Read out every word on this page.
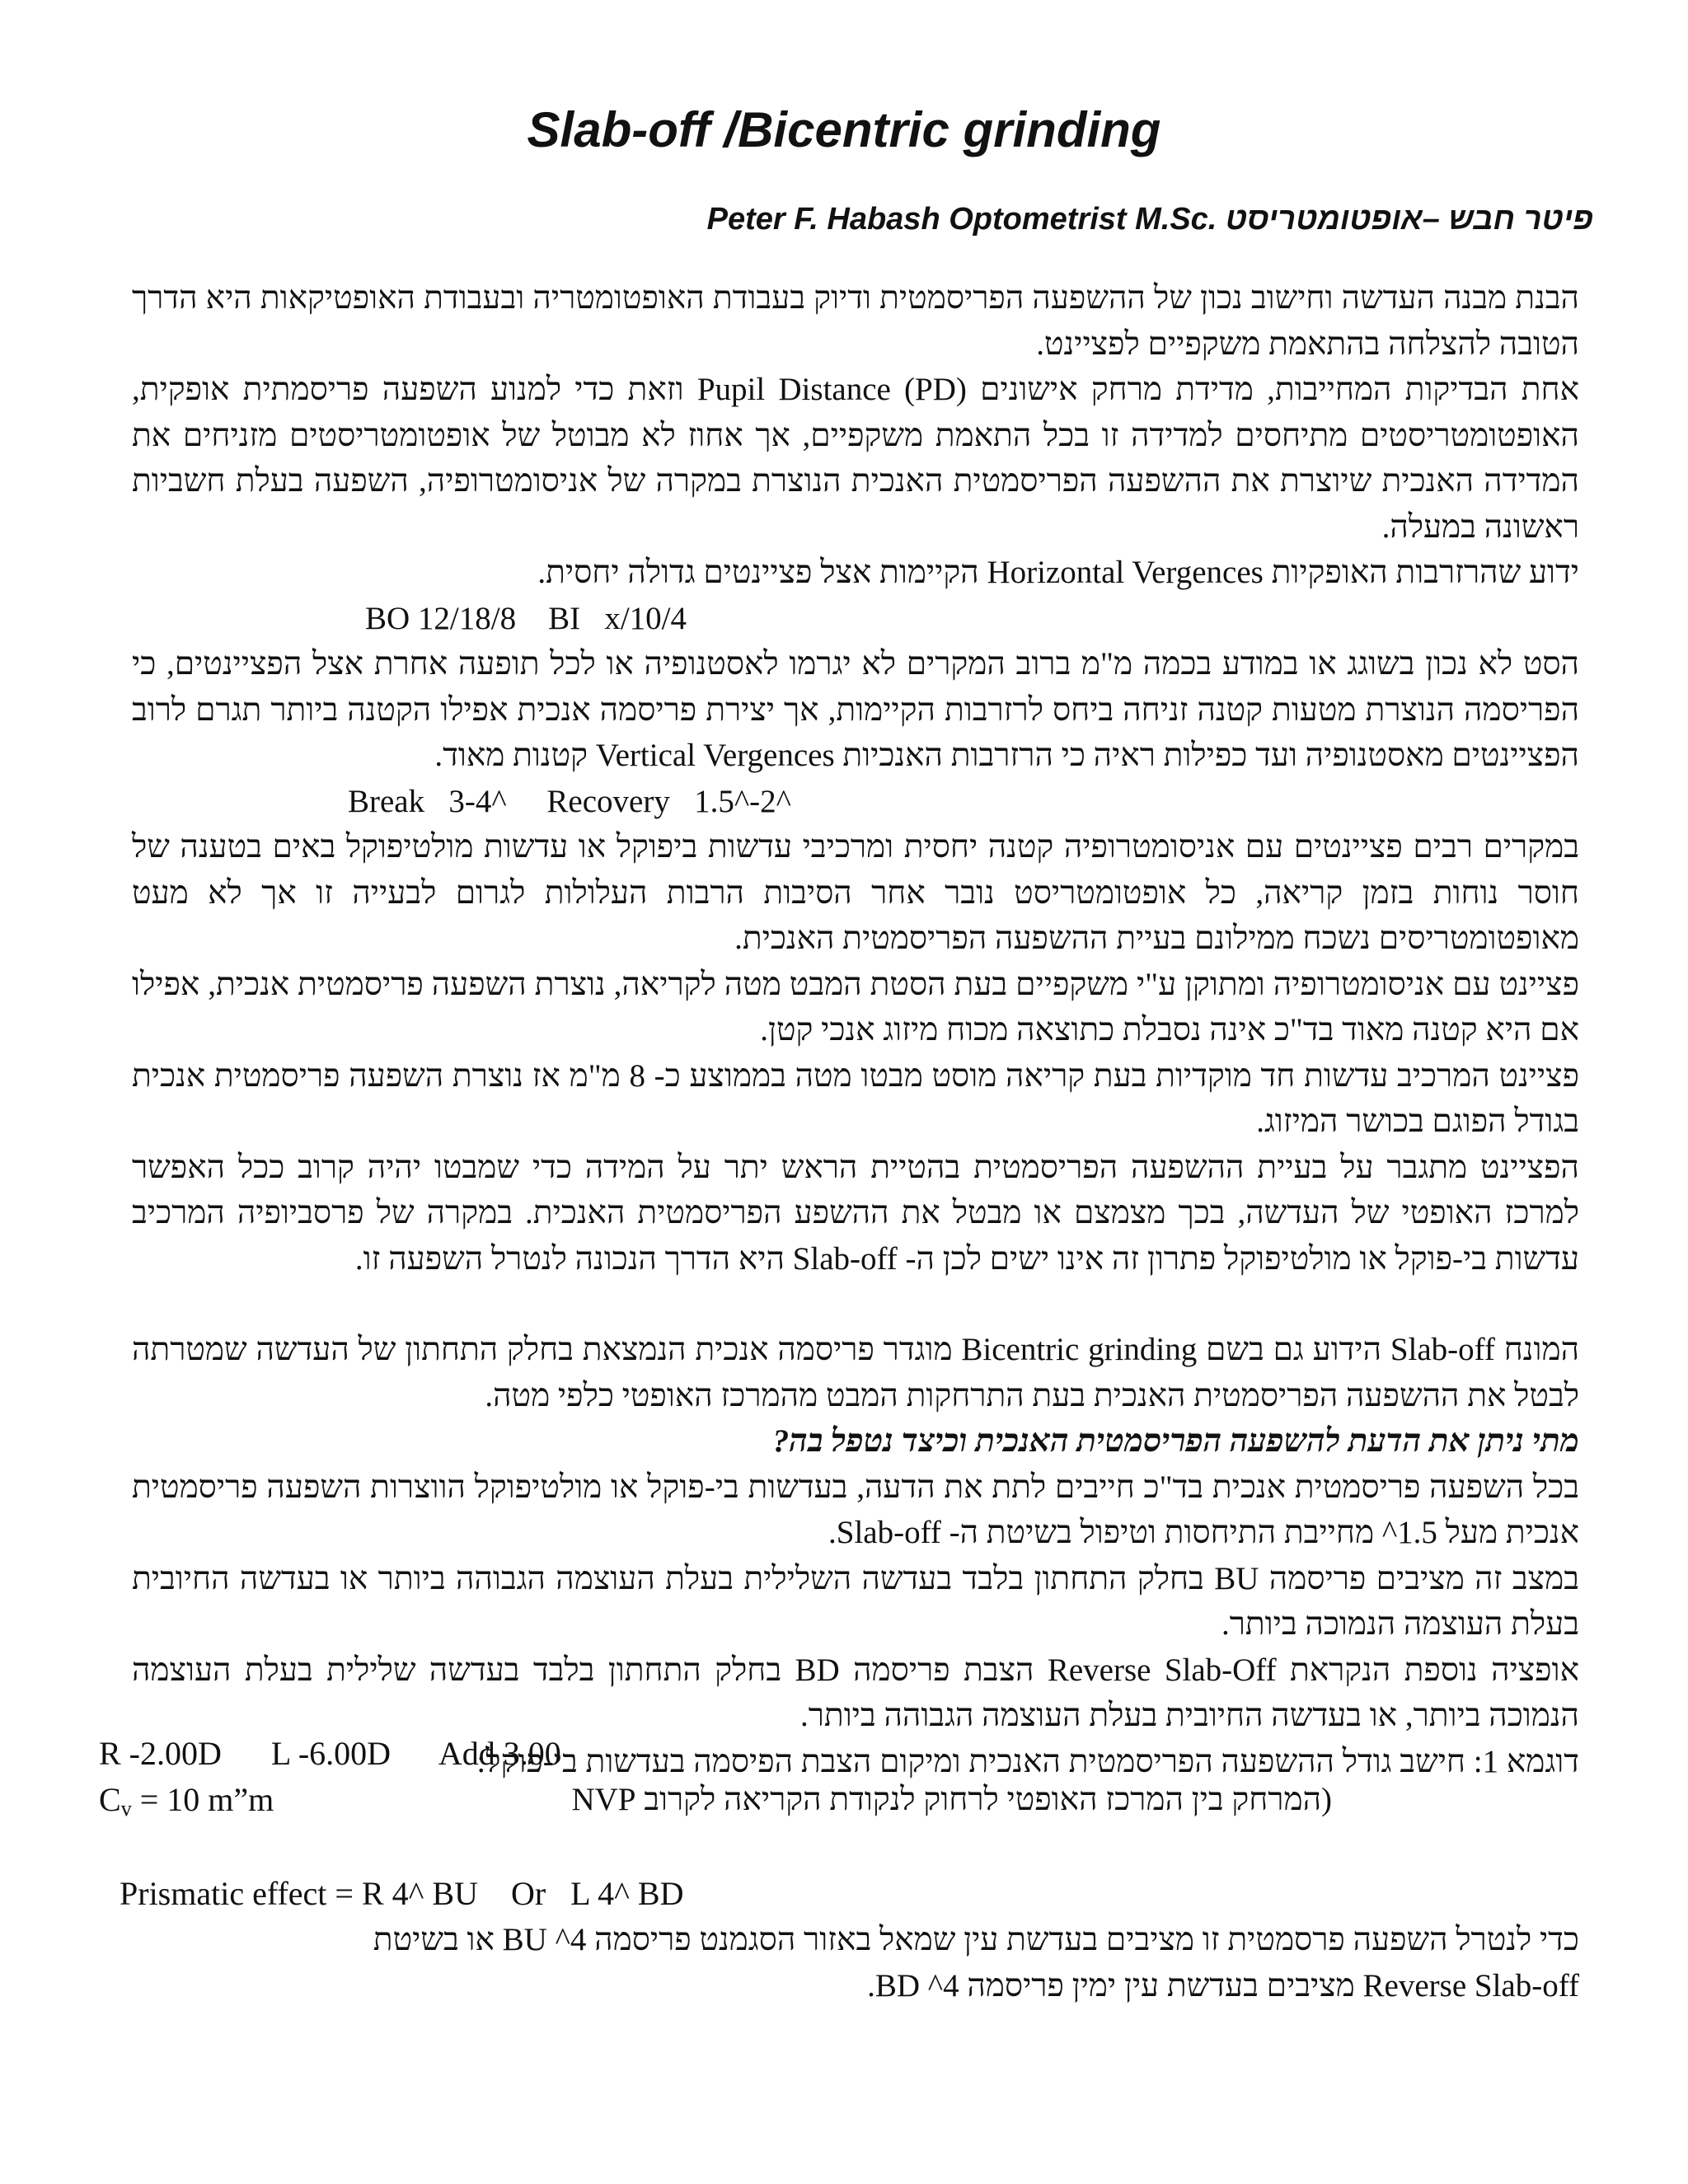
Slab-off /Bicentric grinding
Peter F. Habash Optometrist M.Sc. פיטר חבש –אופטומטריסט

הבנת מבנה העדשה וחישוב נכון של ההשפעה הפריסמטית ודיוק בעבודת האופטומטריה ובעבודת האופטיקאות היא הדרך הטובה להצלחה בהתאמת משקפיים לפציינט.

אחת הבדיקות המחייבות, מדידת מרחק אישונים Pupil Distance (PD) וזאת כדי למנוע השפעה פריסמתית אופקית, האופטומטריסטים מתיחסים למדידה זו בכל התאמת משקפיים, אך אחוז לא מבוטל של אופטומטריסטים מזניחים את המדידה האנכית שיוצרת את ההשפעה הפריסמטית האנכית הנוצרת במקרה של אניסומטרופיה, השפעה בעלת חשביות ראשונה במעלה.

ידוע שהרזרבות האופקיות Horizontal Vergences הקיימות אצל פציינטים גדולה יחסית.

BO 12/18/8    BI   x/10/4

הסט לא נכון בשוגג או במודע בכמה מ"מ ברוב המקרים לא יגרמו לאסטנופיה או לכל תופעה אחרת אצל הפציינטים, כי הפריסמה הנוצרת מטעות קטנה זניחה ביחס לרזרבות הקיימות, אך יצירת פריסמה אנכית אפילו הקטנה ביותר תגרם לרוב הפציינטים מאסטנופיה ועד כפילות ראיה כי הרזרבות האנכיות Vertical Vergences קטנות מאוד.

Break   3-4^     Recovery   1.5^-2^

במקרים רבים פציינטים עם אניסומטרופיה קטנה יחסית ומרכיבי עדשות ביפוקל או עדשות מולטיפוקל באים בטענה של חוסר נוחות בזמן קריאה, כל אופטומטריסט נובר אחר הסיבות הרבות העלולות לגרום לבעייה זו אך לא מעט מאופטומטריסים נשכח ממילונם בעיית ההשפעה הפריסמטית האנכית.

פציינט עם אניסומטרופיה ומתוקן ע"י משקפיים בעת הסטת המבט מטה לקריאה, נוצרת השפעה פריסמטית אנכית, אפילו אם היא קטנה מאוד בד"כ אינה נסבלת כתוצאה מכוח מיזוג אנכי קטן.

פציינט המרכיב עדשות חד מוקדיות בעת קריאה מוסט מבטו מטה בממוצע כ- 8 מ"מ אז נוצרת השפעה פריסמטית אנכית בגודל הפוגם בכושר המיזוג.

הפציינט מתגבר על בעיית ההשפעה הפריסמטית בהטיית הראש יתר על המידה כדי שמבטו יהיה קרוב ככל האפשר למרכז האופטי של העדשה, בכך מצמצם או מבטל את ההשפע הפריסמטית האנכית. במקרה של פרסביופיה המרכיב עדשות בי-פוקל או מולטיפוקל פתרון זה אינו ישים לכן ה- Slab-off היא הדרך הנכונה לנטרל השפעה זו.

המונח Slab-off הידוע גם בשם Bicentric grinding מוגדר פריסמה אנכית הנמצאת בחלק התחתון של העדשה שמטרתה לבטל את ההשפעה הפריסמטית האנכית בעת התרחקות המבט מהמרכז האופטי כלפי מטה.

מתי ניתן את הדעת להשפעה הפריסמטית האנכית וכיצד נטפל בה?

בכל השפעה פריסמטית אנכית בד"כ חייבים לתת את הדעה, בעדשות בי-פוקל או מולטיפוקל הווצרות השפעה פריסמטית אנכית מעל 1.5^ מחייבת התיחסות וטיפול בשיטת ה- Slab-off.

במצב זה מציבים פריסמה BU בחלק התחתון בלבד בעדשה השלילית בעלת העוצמה הגבוהה ביותר או בעדשה החיובית בעלת העוצמה הנמוכה ביותר.

אופציה נוספת הנקראת Reverse Slab-Off הצבת פריסמה BD בחלק התחתון בלבד בעדשה שלילית בעלת העוצמה הנמוכה ביותר, או בעדשה החיובית בעלת העוצמה הגבוהה ביותר.

דוגמא 1: חישב גודל ההשפעה הפריסמטית האנכית ומיקום הצבת הפיסמה בעדשות בי-פוקל:

R -2.00D      L -6.00D      Add 3.00
$C_v = 10$ m”m	(המרחק בין המרכז האופטי לרחוק לנקודת הקריאה לקרוב NVP
Prismatic effect = R 4^ BU    Or   L 4^ BD
כדי לנטרל השפעה פרסמטית זו מציבים בעדשת עין שמאל באזור הסגמנט פריסמה BU ^4 או בשיטת
Reverse Slab-off מציבים בעדשת עין ימין פריסמה BD ^4.
